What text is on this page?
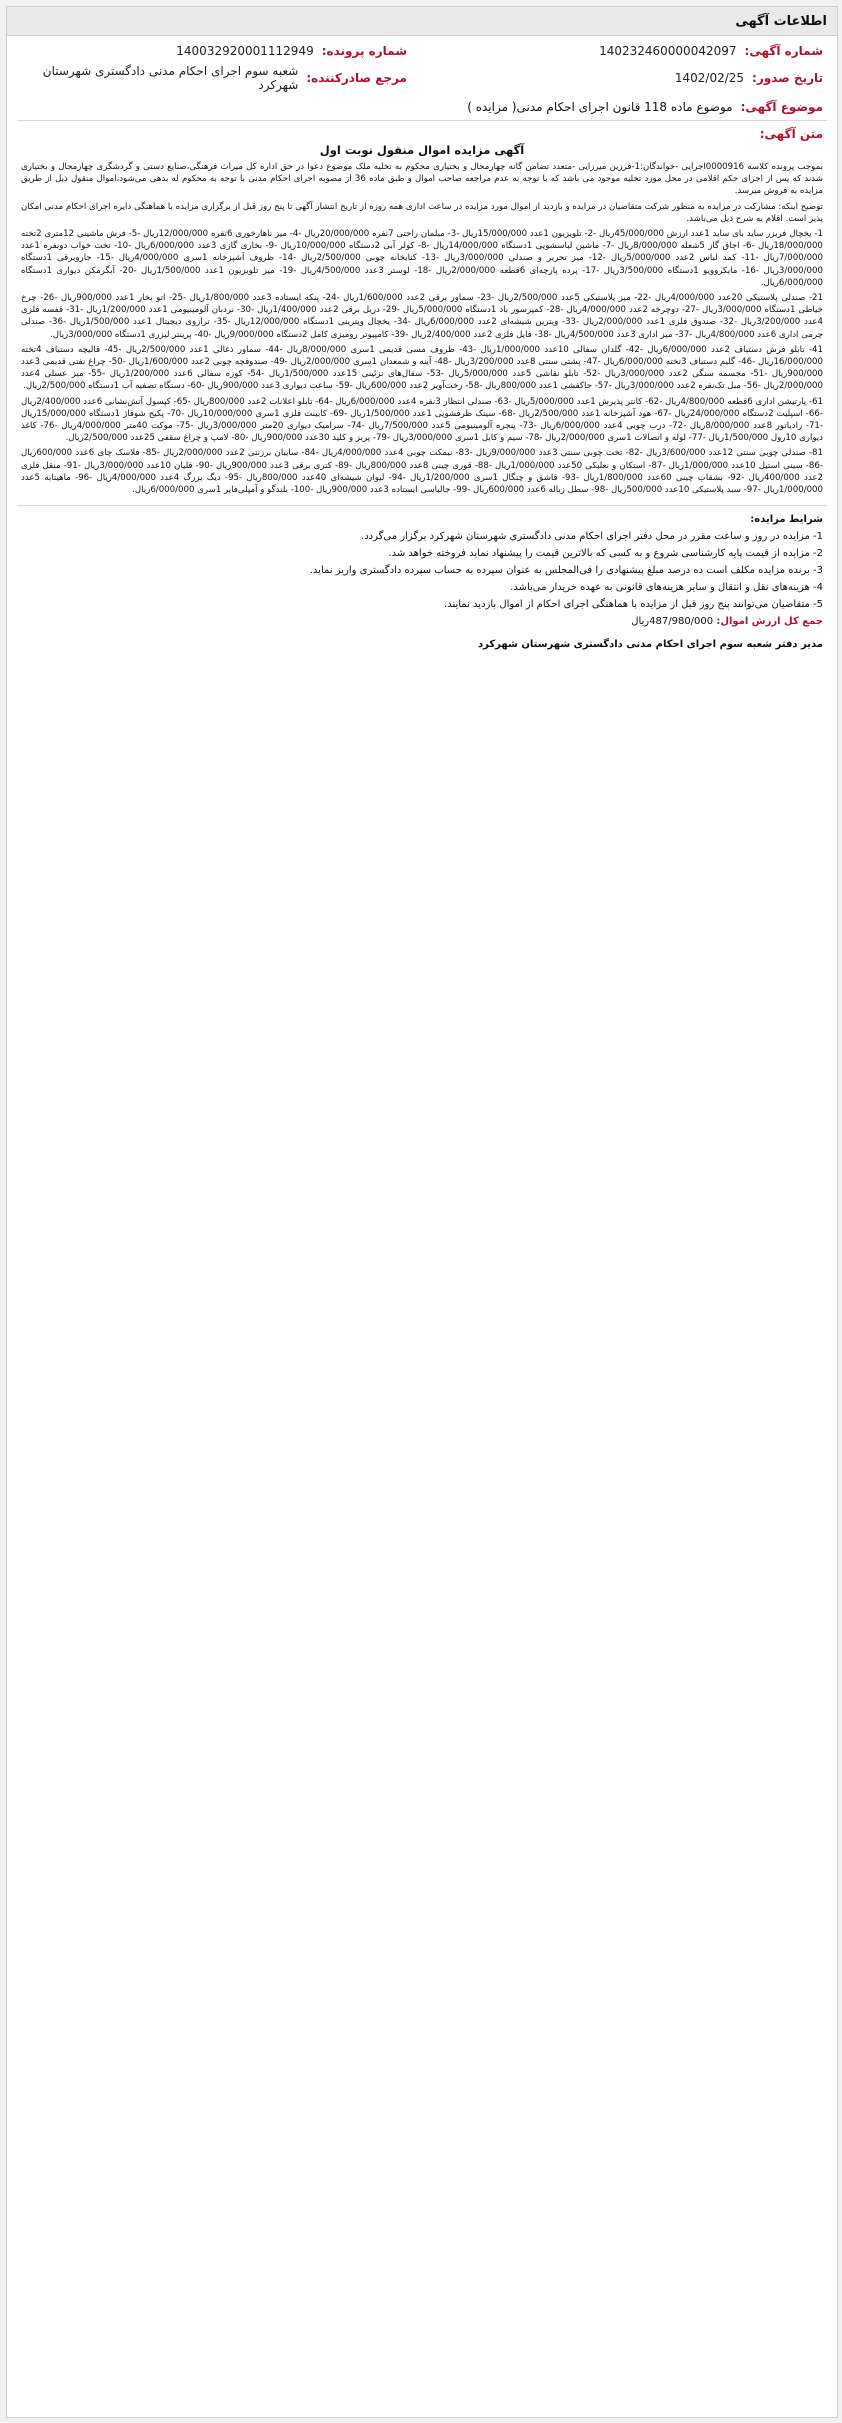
اطلاعات آگهی
شماره آگهی:
140232460000042097
شماره پرونده:
140032920001112949
تاریخ صدور:
1402/02/25
مرجع صادرکننده:
شعبه سوم اجرای احکام مدنی دادگستری شهرستان شهرکرد
موضوع آگهی:
موضوع ماده 118 قانون اجرای احکام مدنی( مزایده )
متن آگهی:
آگهی مزایده اموال منقول نوبت اول

بموجب پرونده کلاسه 0000916اجرایی -خواندگان:1-فرزین میرزایی -متعدد تضامن گانه چهارمحال و بختیاری محکوم به تخلیه ملک موضوع دعوا در حق اداره کل میراث فرهنگی،صنایع دستی و گردشگری چهارمحال و بختیاری شدند که پس از اجرای حکم اقلامی در محل مورد تخلیه موجود می باشد که با توجه به عدم مراجعه صاحب اموال و طبق ماده 36 از مصوبه اجرای احکام مدنی با توجه به محکوم له بدهی می‌شود،اموال منقول ذیل از طریق مزایده به فروش میرسد.

توضیح اینکه: مشارکت در مزایده به منظور شرکت متقاضیان در مزایده و بازدید از اموال مورد مزایده در ساعت اداری همه روزه از تاریخ انتشار آگهی تا پنج روز قبل از برگزاری مزایده با هماهنگی دایره اجرای احکام مدنی امکان پذیر است. اقلام به شرح ذیل می‌باشد.

1- یخچال فریزر ساید بای ساید 1عدد ارزش 45/000/000ریال -2- تلویزیون 1عدد 15/000/000ریال -3- مبلمان راحتی 7نفره 20/000/000ریال -4- میز ناهارخوری 6نفره 12/000/000ریال -5- فرش ماشینی 12متری 2تخته 18/000/000ریال -6- اجاق گاز 5شعله 8/000/000ریال -7- ماشین لباسشویی 1دستگاه 14/000/000ریال -8- کولر آبی 2دستگاه 10/000/000ریال -9- بخاری گازی 3عدد 6/000/000ریال -10- تخت خواب دونفره 1عدد 7/000/000ریال -11- کمد لباس 2عدد 5/000/000ریال -12- میز تحریر و صندلی 3/000/000ریال -13- کتابخانه چوبی 2/500/000ریال -14- ظروف آشپزخانه 1سری 4/000/000ریال -15- جاروبرقی 1دستگاه 3/000/000ریال -16- مایکروویو 1دستگاه 3/500/000ریال -17- پرده پارچه‌ای 6قطعه 2/000/000ریال -18- لوستر 3عدد 4/500/000ریال -19- میز تلویزیون 1عدد 1/500/000ریال -20- آبگرمکن دیواری 1دستگاه 6/000/000ریال.

21- صندلی پلاستیکی 20عدد 4/000/000ریال -22- میز پلاستیکی 5عدد 2/500/000ریال -23- سماور برقی 2عدد 1/600/000ریال -24- پنکه ایستاده 3عدد 1/800/000ریال -25- اتو بخار 1عدد 900/000ریال -26- چرخ خیاطی 1دستگاه 3/000/000ریال -27- دوچرخه 2عدد 4/000/000ریال -28- کمپرسور باد 1دستگاه 5/000/000ریال -29- دریل برقی 2عدد 1/400/000ریال -30- نردبان آلومینیومی 1عدد 1/200/000ریال -31- قفسه فلزی 4عدد 3/200/000ریال -32- صندوق فلزی 1عدد 2/000/000ریال -33- ویترین شیشه‌ای 2عدد 6/000/000ریال -34- یخچال ویترینی 1دستگاه 12/000/000ریال -35- ترازوی دیجیتال 1عدد 1/500/000ریال -36- صندلی چرمی اداری 6عدد 4/800/000ریال -37- میز اداری 3عدد 4/500/000ریال -38- فایل فلزی 2عدد 2/400/000ریال -39- کامپیوتر رومیزی کامل 2دستگاه 9/000/000ریال -40- پرینتر لیزری 1دستگاه 3/000/000ریال.

41- تابلو فرش دستباف 2عدد 6/000/000ریال -42- گلدان سفالی 10عدد 1/000/000ریال -43- ظروف مسی قدیمی 1سری 8/000/000ریال -44- سماور ذغالی 1عدد 2/500/000ریال -45- قالیچه دستباف 4تخته 16/000/000ریال -46- گلیم دستباف 3تخته 6/000/000ریال -47- پشتی سنتی 8عدد 3/200/000ریال -48- آینه و شمعدان 1سری 2/000/000ریال -49- صندوقچه چوبی 2عدد 1/600/000ریال -50- چراغ نفتی قدیمی 3عدد 900/000ریال -51- مجسمه سنگی 2عدد 3/000/000ریال -52- تابلو نقاشی 5عدد 5/000/000ریال -53- سفال‌های تزئینی 15عدد 1/500/000ریال -54- کوزه سفالی 6عدد 1/200/000ریال -55- میز عسلی 4عدد 2/000/000ریال -56- مبل تک‌نفره 2عدد 3/000/000ریال -57- جاکفشی 1عدد 800/000ریال -58- رخت‌آویز 2عدد 600/000ریال -59- ساعت دیواری 3عدد 900/000ریال -60- دستگاه تصفیه آب 1دستگاه 2/500/000ریال.

61- پارتیشن اداری 6قطعه 4/800/000ریال -62- کانتر پذیرش 1عدد 5/000/000ریال -63- صندلی انتظار 3نفره 4عدد 6/000/000ریال -64- تابلو اعلانات 2عدد 800/000ریال -65- کپسول آتش‌نشانی 6عدد 2/400/000ریال -66- اسپلیت 2دستگاه 24/000/000ریال -67- هود آشپزخانه 1عدد 2/500/000ریال -68- سینک ظرفشویی 1عدد 1/500/000ریال -69- کابینت فلزی 1سری 10/000/000ریال -70- پکیج شوفاژ 1دستگاه 15/000/000ریال -71- رادیاتور 8عدد 8/000/000ریال -72- درب چوبی 4عدد 6/000/000ریال -73- پنجره آلومینیومی 5عدد 7/500/000ریال -74- سرامیک دیواری 20متر 3/000/000ریال -75- موکت 40متر 4/000/000ریال -76- کاغذ دیواری 10رول 1/500/000ریال -77- لوله و اتصالات 1سری 2/000/000ریال -78- سیم و کابل 1سری 3/000/000ریال -79- پریز و کلید 30عدد 900/000ریال -80- لامپ و چراغ سقفی 25عدد 2/500/000ریال.

81- صندلی چوبی سنتی 12عدد 3/600/000ریال -82- تخت چوبی سنتی 3عدد 9/000/000ریال -83- نیمکت چوبی 4عدد 4/000/000ریال -84- سایبان برزنتی 2عدد 2/000/000ریال -85- فلاسک چای 6عدد 600/000ریال -86- سینی استیل 10عدد 1/000/000ریال -87- استکان و نعلبکی 50عدد 1/000/000ریال -88- قوری چینی 8عدد 800/000ریال -89- کتری برقی 3عدد 900/000ریال -90- قلیان 10عدد 3/000/000ریال -91- منقل فلزی 2عدد 400/000ریال -92- بشقاب چینی 60عدد 1/800/000ریال -93- قاشق و چنگال 1سری 1/200/000ریال -94- لیوان شیشه‌ای 40عدد 800/000ریال -95- دیگ بزرگ 4عدد 4/000/000ریال -96- ماهیتابه 5عدد 1/000/000ریال -97- سبد پلاستیکی 10عدد 500/000ریال -98- سطل زباله 6عدد 600/000ریال -99- جالباسی ایستاده 3عدد 900/000ریال -100- بلندگو و آمپلی‌فایر 1سری 6/000/000ریال.

شرایط مزایده:

1- مزایده در روز و ساعت مقرر در محل دفتر اجرای احکام مدنی دادگستری شهرستان شهرکرد برگزار می‌گردد.

2- مزایده از قیمت پایه کارشناسی شروع و به کسی که بالاترین قیمت را پیشنهاد نماید فروخته خواهد شد.

3- برنده مزایده مکلف است ده درصد مبلغ پیشنهادی را فی‌المجلس به عنوان سپرده به حساب سپرده دادگستری واریز نماید.

4- هزینه‌های نقل و انتقال و سایر هزینه‌های قانونی به عهده خریدار می‌باشد.

5- متقاضیان می‌توانند پنج روز قبل از مزایده با هماهنگی اجرای احکام از اموال بازدید نمایند.

جمع کل ارزش اموال: 487/980/000ریال

مدیر دفتر شعبه سوم اجرای احکام مدنی دادگستری شهرستان شهرکرد
